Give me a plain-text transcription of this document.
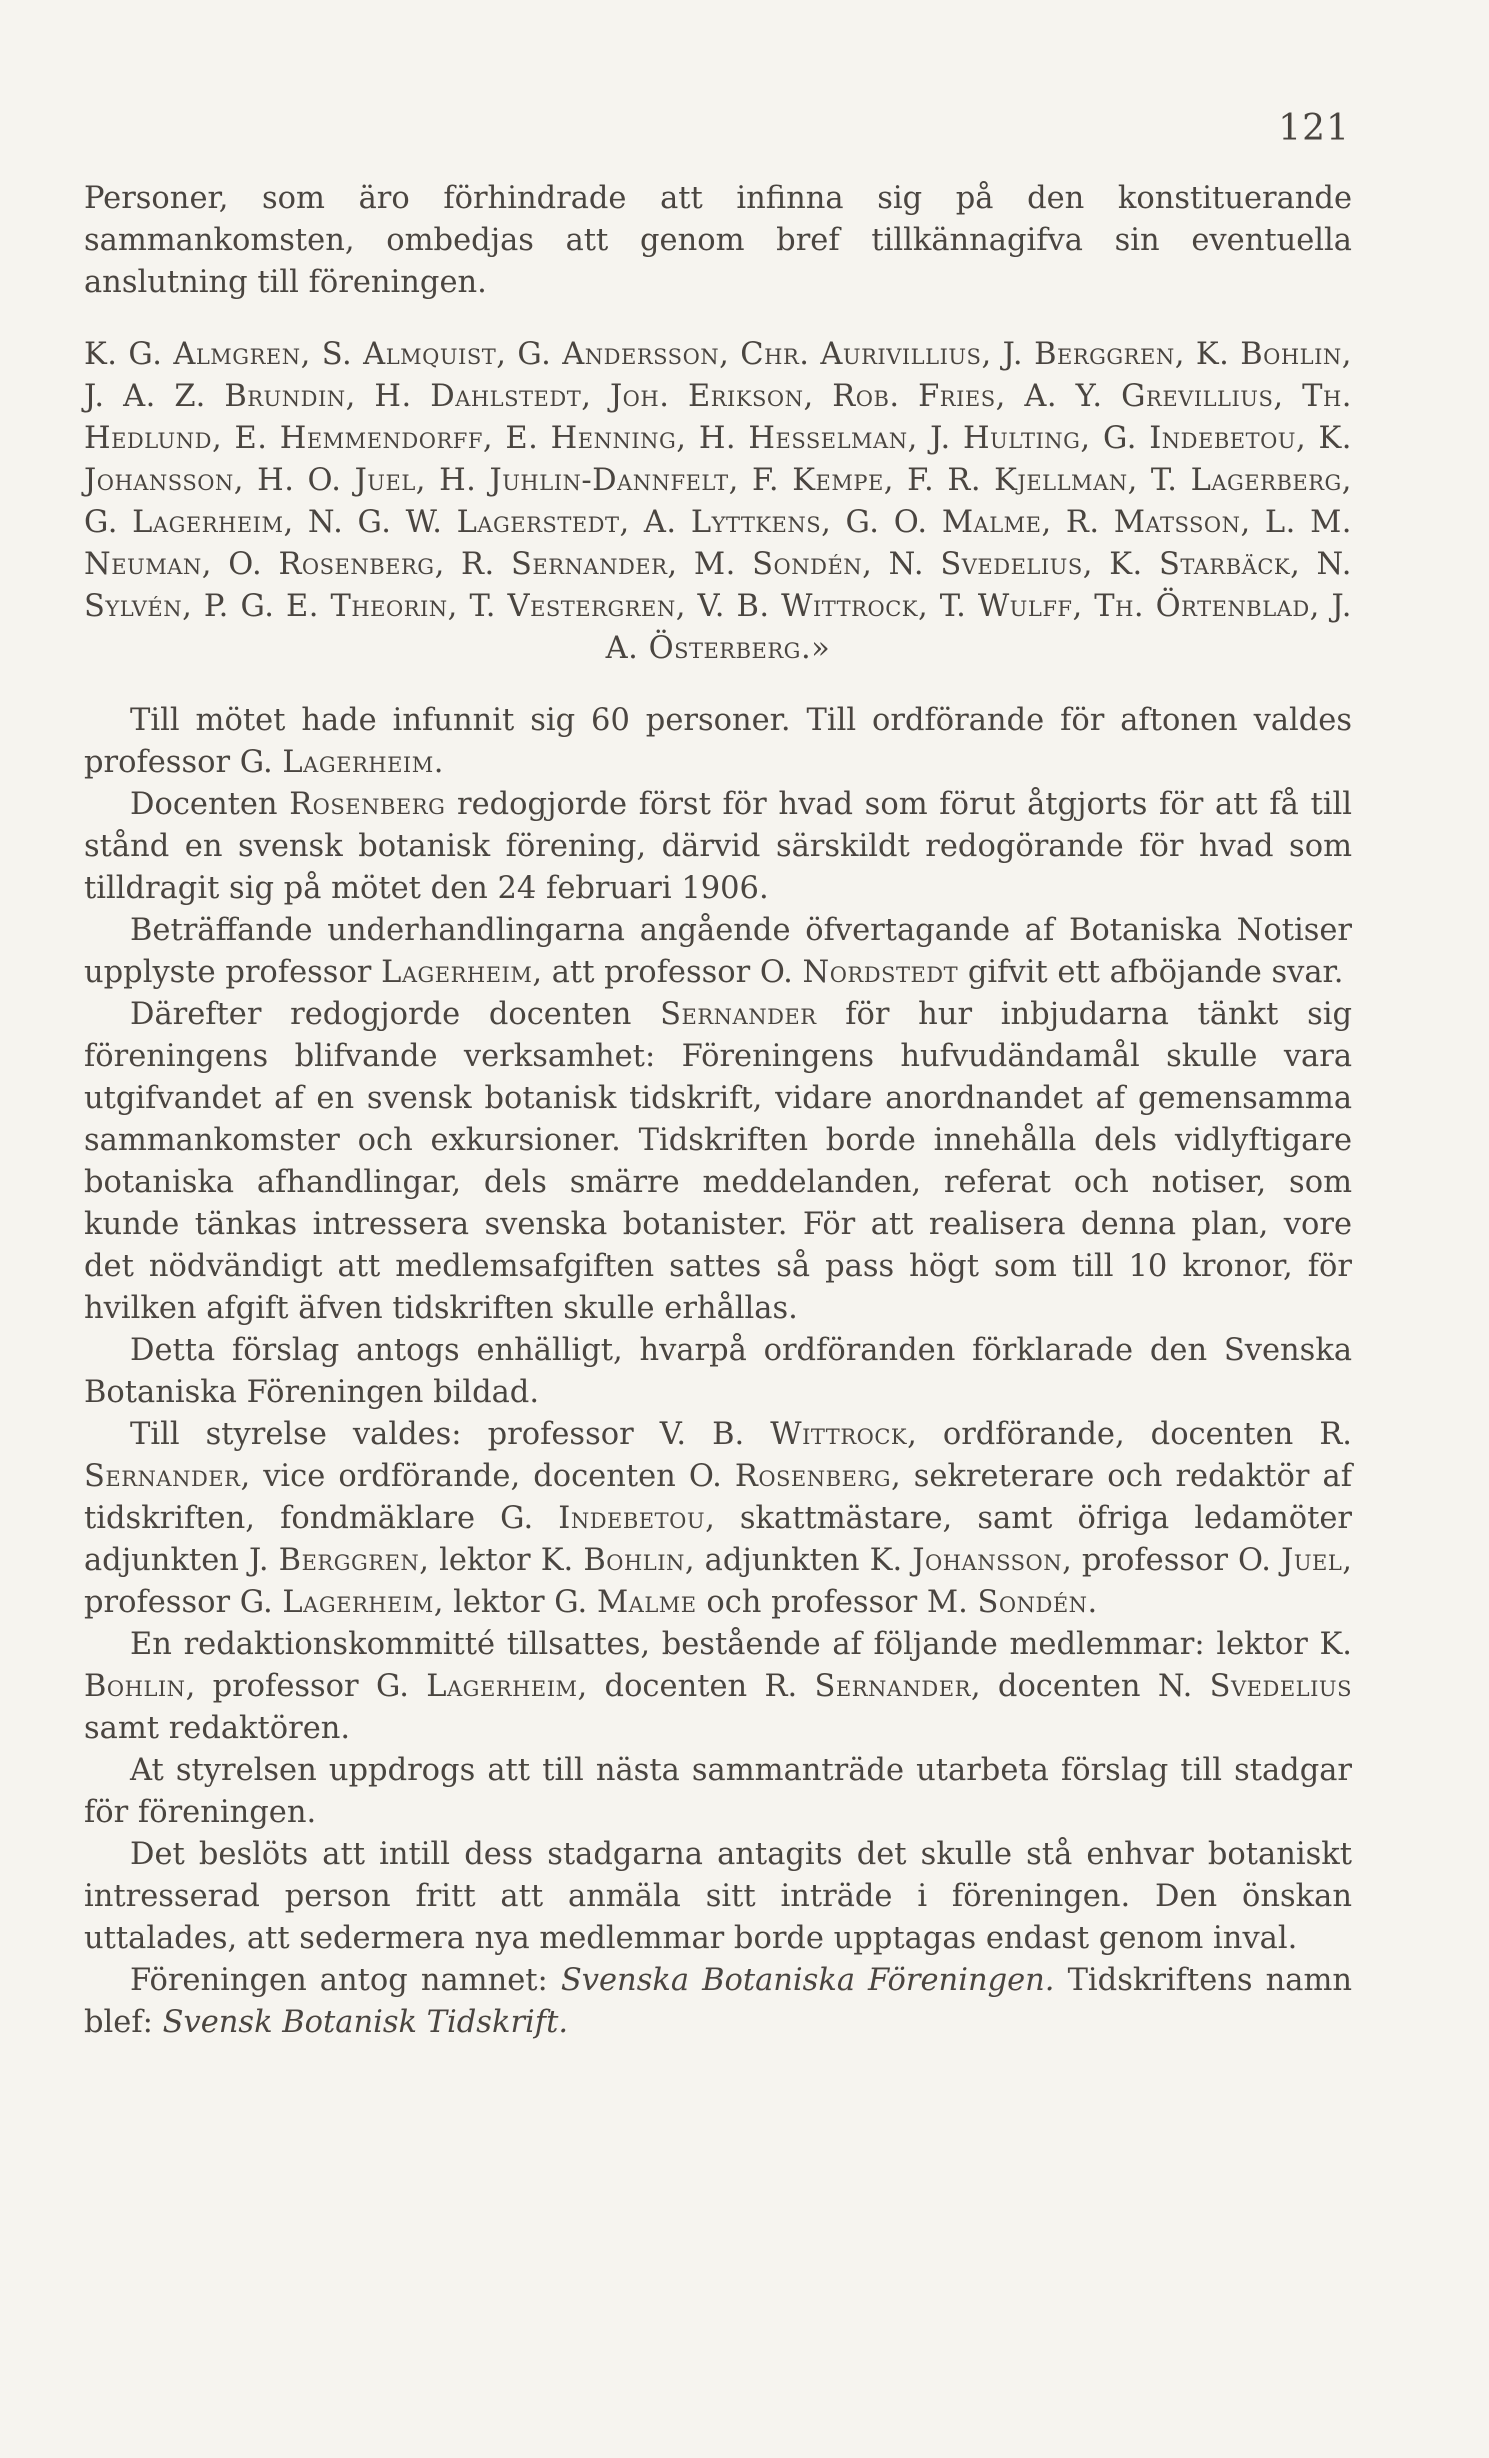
121

Personer, som äro förhindrade att infinna sig på den konstituerande sammankomsten, ombedjas att genom bref tillkännagifva sin eventuella anslutning till föreningen.

K. G. Almgren, S. Almquist, G. Andersson, Chr. Aurivillius, J. Berggren, K. Bohlin, J. A. Z. Brundin, H. Dahlstedt, Joh. Erikson, Rob. Fries, A. Y. Grevillius, Th. Hedlund, E. Hemmendorff, E. Henning, H. Hesselman, J. Hulting, G. Indebetou, K. Johansson, H. O. Juel, H. Juhlin-Dannfelt, F. Kempe, F. R. Kjellman, T. Lagerberg, G. Lagerheim, N. G. W. Lagerstedt, A. Lyttkens, G. O. Malme, R. Matsson, L. M. Neuman, O. Rosenberg, R. Sernander, M. Sondén, N. Svedelius, K. Starbäck, N. Sylvén, P. G. E. Theorin, T. Vestergren, V. B. Wittrock, T. Wulff, Th. Örtenblad, J. A. Österberg.»

Till mötet hade infunnit sig 60 personer. Till ordförande för aftonen valdes professor G. Lagerheim.

Docenten Rosenberg redogjorde först för hvad som förut åtgjorts för att få till stånd en svensk botanisk förening, därvid särskildt redogörande för hvad som tilldragit sig på mötet den 24 februari 1906.

Beträffande underhandlingarna angående öfvertagande af Botaniska Notiser upplyste professor Lagerheim, att professor O. Nordstedt gifvit ett afböjande svar.

Därefter redogjorde docenten Sernander för hur inbjudarna tänkt sig föreningens blifvande verksamhet: Föreningens hufvudändamål skulle vara utgifvandet af en svensk botanisk tidskrift, vidare anordnandet af gemensamma sammankomster och exkursioner. Tidskriften borde innehålla dels vidlyftigare botaniska afhandlingar, dels smärre meddelanden, referat och notiser, som kunde tänkas intressera svenska botanister. För att realisera denna plan, vore det nödvändigt att medlemsafgiften sattes så pass högt som till 10 kronor, för hvilken afgift äfven tidskriften skulle erhållas.

Detta förslag antogs enhälligt, hvarpå ordföranden förklarade den Svenska Botaniska Föreningen bildad.

Till styrelse valdes: professor V. B. Wittrock, ordförande, docenten R. Sernander, vice ordförande, docenten O. Rosenberg, sekreterare och redaktör af tidskriften, fondmäklare G. Indebetou, skattmästare, samt öfriga ledamöter adjunkten J. Berggren, lektor K. Bohlin, adjunkten K. Johansson, professor O. Juel, professor G. Lagerheim, lektor G. Malme och professor M. Sondén.

En redaktionskommitté tillsattes, bestående af följande medlemmar: lektor K. Bohlin, professor G. Lagerheim, docenten R. Sernander, docenten N. Svedelius samt redaktören.

At styrelsen uppdrogs att till nästa sammanträde utarbeta förslag till stadgar för föreningen.

Det beslöts att intill dess stadgarna antagits det skulle stå enhvar botaniskt intresserad person fritt att anmäla sitt inträde i föreningen. Den önskan uttalades, att sedermera nya medlemmar borde upptagas endast genom inval.

Föreningen antog namnet: Svenska Botaniska Föreningen. Tidskriftens namn blef: Svensk Botanisk Tidskrift.
